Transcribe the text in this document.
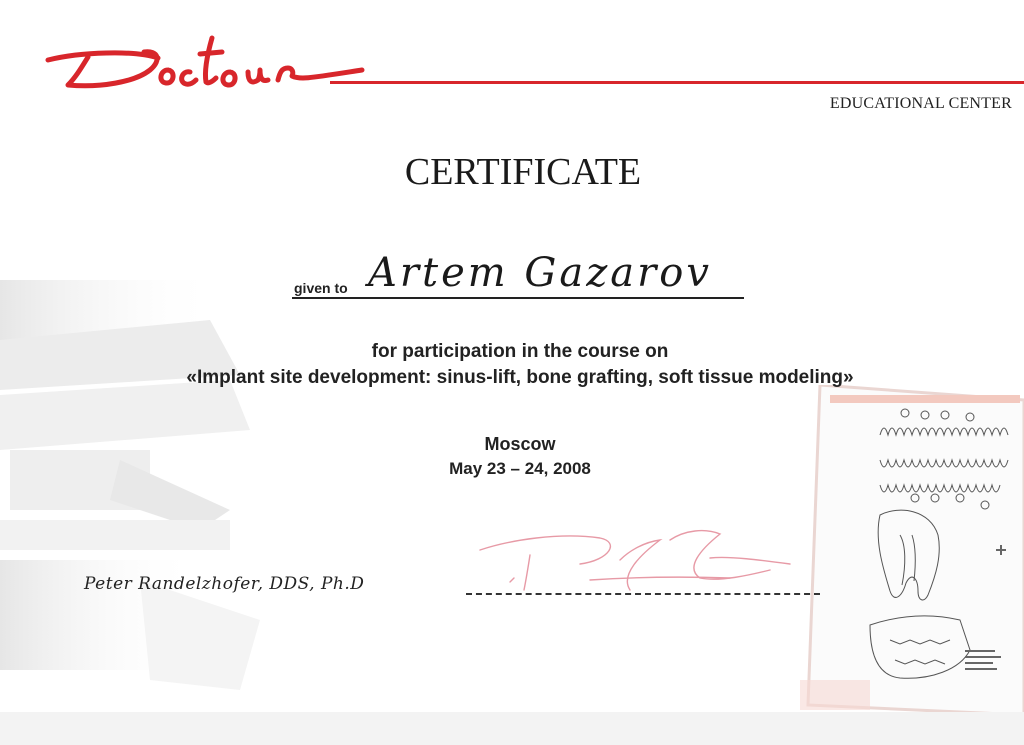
EDUCATIONAL CENTER
CERTIFICATE
given to Artem Gazarov
for participation in the course on
«Implant site development: sinus-lift, bone grafting, soft tissue modeling»
Moscow
May 23 – 24, 2008
Peter Randelzhofer, DDS, Ph.D
